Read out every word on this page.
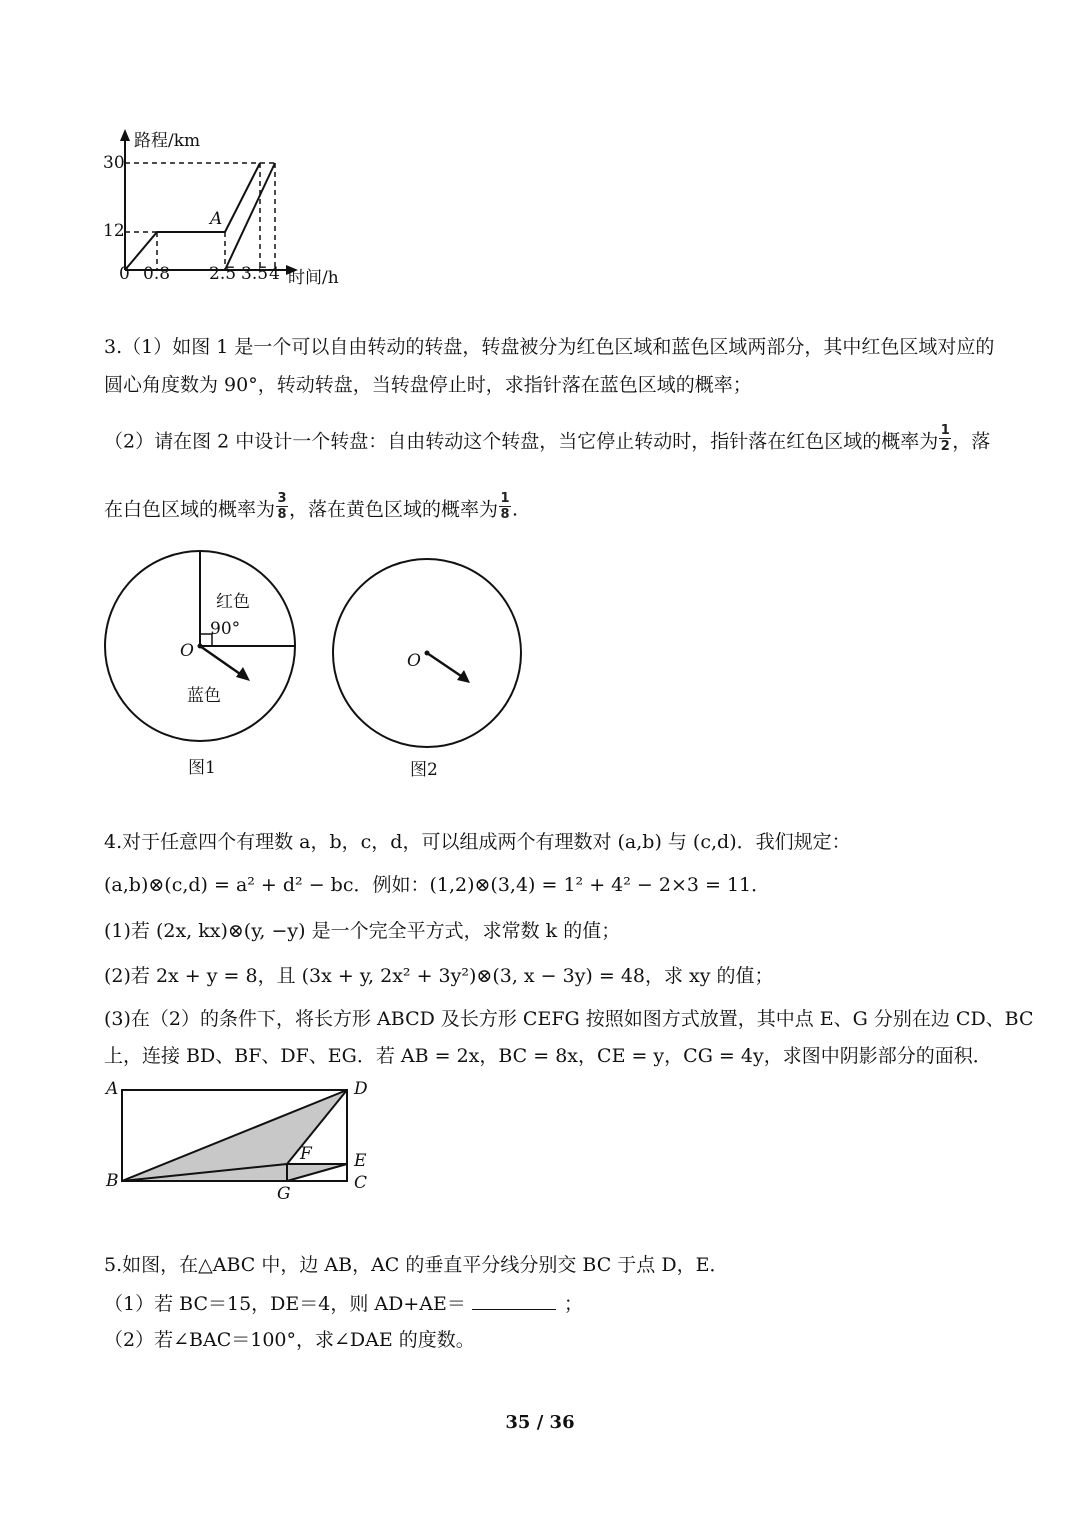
路程/km
时间/h
30
12
0 0.8 2.5 3.5 4
A
3.（1）如图 1 是一个可以自由转动的转盘，转盘被分为红色区域和蓝色区域两部分，其中红色区域对应的
圆心角度数为 90°，转动转盘，当转盘停止时，求指针落在蓝色区域的概率；
（2）请在图 2 中设计一个转盘：自由转动这个转盘，当它停止转动时，指针落在红色区域的概率为 $\frac{1}{2}$ ，落
在白色区域的概率为 $\frac{3}{8}$ ，落在黄色区域的概率为 $\frac{1}{8}$ .
红色
90°
O
蓝色
图1
O
图2
4.对于任意四个有理数 a，b，c，d，可以组成两个有理数对 (a,b) 与 (c,d)．我们规定：
(a,b)⊗(c,d) = a² + d² − bc．例如：(1,2)⊗(3,4) = 1² + 4² − 2×3 = 11．
(1)若 (2x, kx)⊗(y, −y) 是一个完全平方式，求常数 k 的值；
(2)若 2x + y = 8，且 (3x + y, 2x² + 3y²)⊗(3, x − 3y) = 48，求 xy 的值；
(3)在（2）的条件下，将长方形 ABCD 及长方形 CEFG 按照如图方式放置，其中点 E、G 分别在边 CD、BC
上，连接 BD、BF、DF、EG．若 AB = 2x，BC = 8x，CE = y，CG = 4y，求图中阴影部分的面积．
A	D
F E
B	C
G
5.如图，在△ABC 中，边 AB，AC 的垂直平分线分别交 BC 于点 D，E．
（1）若 BC＝15，DE＝4，则 AD+AE＝	；
（2）若∠BAC＝100°，求∠DAE 的度数。
35 / 36
